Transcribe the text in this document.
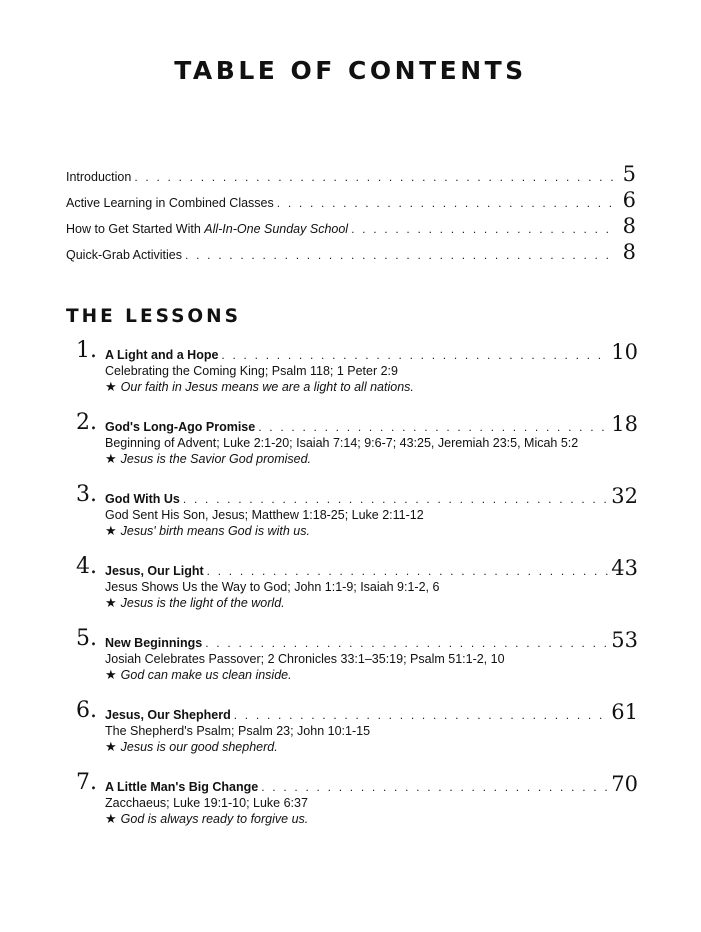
TABLE OF CONTENTS
Introduction . . .	5
Active Learning in Combined Classes . . .	6
How to Get Started With All-In-One Sunday School . . .	8
Quick-Grab Activities . . .	8
THE LESSONS
1. A Light and a Hope . . .	10
Celebrating the Coming King; Psalm 118; 1 Peter 2:9
★ Our faith in Jesus means we are a light to all nations.
2. God's Long-Ago Promise . . .	18
Beginning of Advent; Luke 2:1-20; Isaiah 7:14; 9:6-7; 43:25, Jeremiah 23:5, Micah 5:2
★ Jesus is the Savior God promised.
3. God With Us . . .	32
God Sent His Son, Jesus; Matthew 1:18-25; Luke 2:11-12
★ Jesus' birth means God is with us.
4. Jesus, Our Light . . .	43
Jesus Shows Us the Way to God; John 1:1-9; Isaiah 9:1-2, 6
★ Jesus is the light of the world.
5. New Beginnings . . .	53
Josiah Celebrates Passover; 2 Chronicles 33:1–35:19; Psalm 51:1-2, 10
★ God can make us clean inside.
6. Jesus, Our Shepherd . . .	61
The Shepherd's Psalm; Psalm 23; John 10:1-15
★ Jesus is our good shepherd.
7. A Little Man's Big Change . . .	70
Zacchaeus; Luke 19:1-10; Luke 6:37
★ God is always ready to forgive us.
